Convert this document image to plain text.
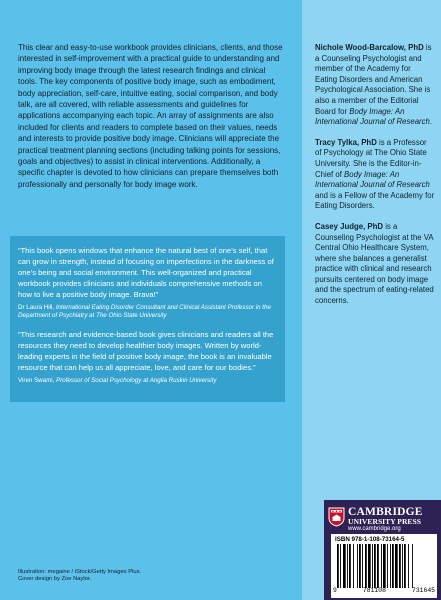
This clear and easy-to-use workbook provides clinicians, clients, and those interested in self-improvement with a practical guide to understanding and improving body image through the latest research findings and clinical tools. The key components of positive body image, such as embodiment, body appreciation, self-care, intuitive eating, social comparison, and body talk, are all covered, with reliable assessments and guidelines for applications accompanying each topic. An array of assignments are also included for clients and readers to complete based on their values, needs and interests to provide positive body image. Clinicians will appreciate the practical treatment planning sections (including talking points for sessions, goals and objectives) to assist in clinical interventions. Additionally, a specific chapter is devoted to how clinicians can prepare themselves both professionally and personally for body image work.

“This book opens windows that enhance the natural best of one’s self, that can grow in strength, instead of focusing on imperfections in the darkness of one’s being and social environment. This well-organized and practical workbook provides clinicians and individuals comprehensive methods on how to live a positive body image. Brava!”

Dr Laura Hill, International Eating Disorder Consultant and Clinical Assistant Professor in the Department of Psychiatry at The Ohio State University

“This research and evidence-based book gives clinicians and readers all the resources they need to develop healthier body images. Written by world-leading experts in the field of positive body image, the book is an invaluable resource that can help us all appreciate, love, and care for our bodies.”

Viren Swami, Professor of Social Psychology at Anglia Ruskin University

Nichole Wood-Barcalow, PhD is a Counseling Psychologist and member of the Academy for Eating Disorders and American Psychological Association. She is also a member of the Editorial Board for Body Image: An International Journal of Research.

Tracy Tylka, PhD is a Professor of Psychology at The Ohio State University. She is the Editor-in-Chief of Body Image: An International Journal of Research and is a Fellow of the Academy for Eating Disorders.

Casey Judge, PhD is a Counseling Psychologist at the VA Central Ohio Healthcare System, where she balances a generalist practice with clinical and research pursuits centered on body image and the spectrum of eating-related concerns.

CAMBRIDGE
UNIVERSITY PRESS
www.cambridge.org
ISBN 978-1-108-73164-5
9	781108	731645
Illustration: megaine / iStock/Getty Images Plus.
Cover design by Zoe Naylor.
